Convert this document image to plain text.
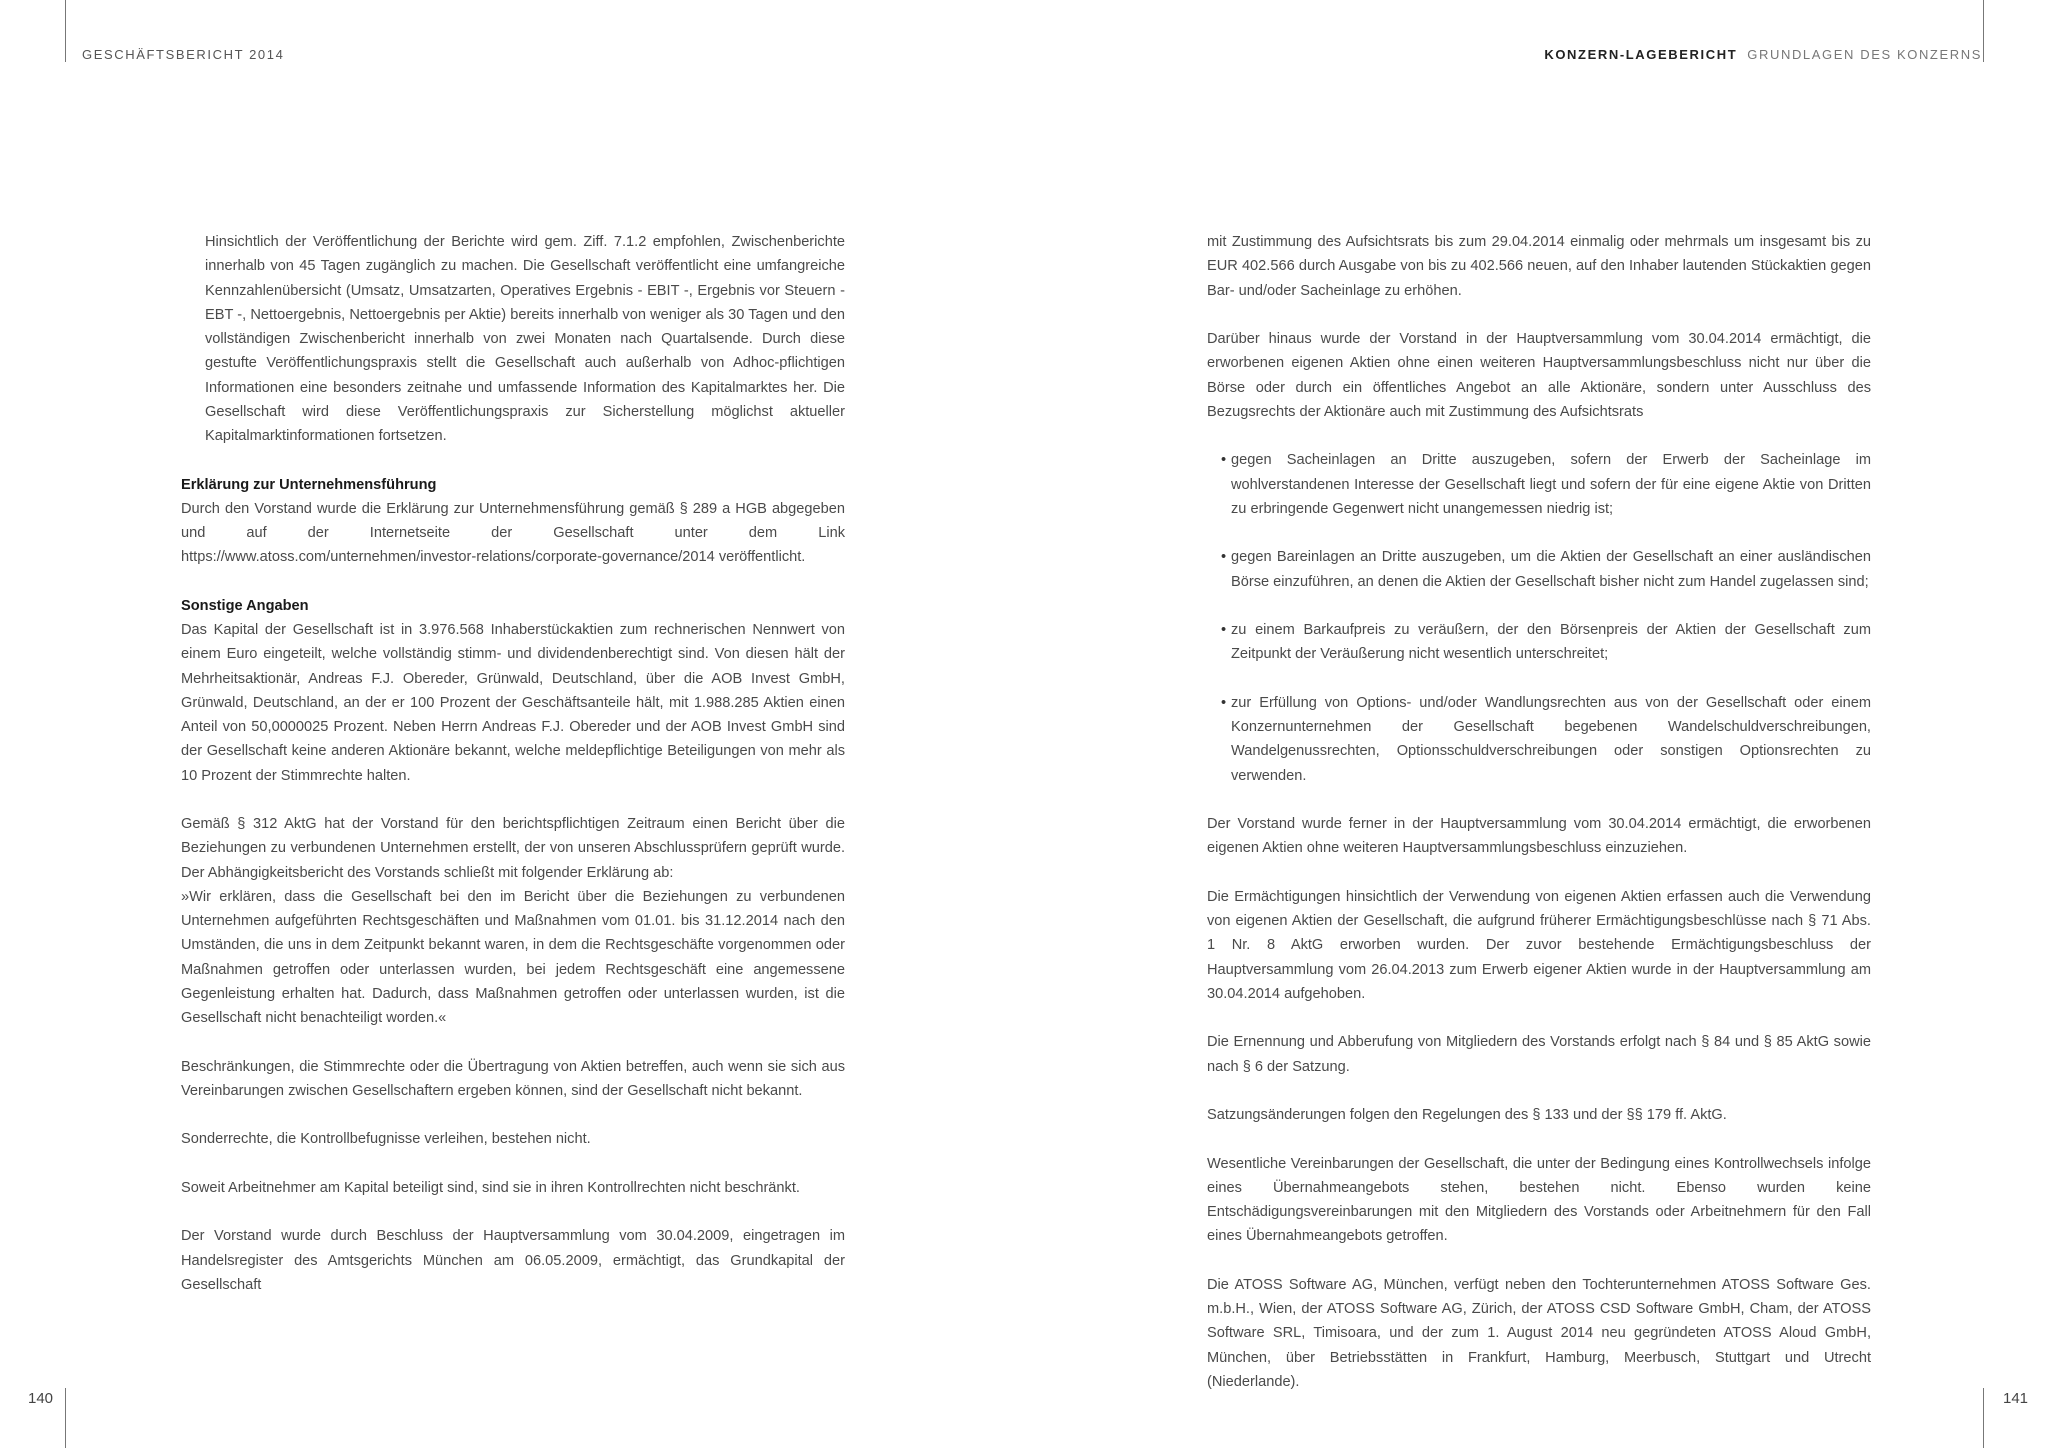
GESCHÄFTSBERICHT 2014	KONZERN-LAGEBERICHT GRUNDLAGEN DES KONZERNS
140	141

Hinsichtlich der Veröffentlichung der Berichte wird gem. Ziff. 7.1.2 empfohlen, Zwischenberichte innerhalb von 45 Tagen zugänglich zu machen. Die Gesellschaft veröffentlicht eine umfangreiche Kennzahlenübersicht (Umsatz, Umsatzarten, Operatives Ergebnis - EBIT -, Ergebnis vor Steuern - EBT -, Nettoergebnis, Nettoergebnis per Aktie) bereits innerhalb von weniger als 30 Tagen und den vollständigen Zwischenbericht innerhalb von zwei Monaten nach Quartalsende. Durch diese gestufte Veröffentlichungspraxis stellt die Gesellschaft auch außerhalb von Adhoc-pflichtigen Informationen eine besonders zeitnahe und umfassende Information des Kapitalmarktes her. Die Gesellschaft wird diese Veröffentlichungspraxis zur Sicherstellung möglichst aktueller Kapitalmarktinformationen fortsetzen.

Erklärung zur Unternehmensführung

Durch den Vorstand wurde die Erklärung zur Unternehmensführung gemäß § 289 a HGB abgegeben und auf der Internetseite der Gesellschaft unter dem Link https://www.atoss.com/unternehmen/investor-relations/corporate-governance/2014 veröffentlicht.

Sonstige Angaben

Das Kapital der Gesellschaft ist in 3.976.568 Inhaberstückaktien zum rechnerischen Nennwert von einem Euro eingeteilt, welche vollständig stimm- und dividendenberechtigt sind. Von diesen hält der Mehrheitsaktionär, Andreas F.J. Obereder, Grünwald, Deutschland, über die AOB Invest GmbH, Grünwald, Deutschland, an der er 100 Prozent der Geschäftsanteile hält, mit 1.988.285 Aktien einen Anteil von 50,0000025 Prozent. Neben Herrn Andreas F.J. Obereder und der AOB Invest GmbH sind der Gesellschaft keine anderen Aktionäre bekannt, welche meldepflichtige Beteiligungen von mehr als 10 Prozent der Stimmrechte halten.

Gemäß § 312 AktG hat der Vorstand für den berichtspflichtigen Zeitraum einen Bericht über die Beziehungen zu verbundenen Unternehmen erstellt, der von unseren Abschlussprüfern geprüft wurde. Der Abhängigkeitsbericht des Vorstands schließt mit folgender Erklärung ab:

»Wir erklären, dass die Gesellschaft bei den im Bericht über die Beziehungen zu verbundenen Unternehmen aufgeführten Rechtsgeschäften und Maßnahmen vom 01.01. bis 31.12.2014 nach den Umständen, die uns in dem Zeitpunkt bekannt waren, in dem die Rechtsgeschäfte vorgenommen oder Maßnahmen getroffen oder unterlassen wurden, bei jedem Rechtsgeschäft eine angemessene Gegenleistung erhalten hat. Dadurch, dass Maßnahmen getroffen oder unterlassen wurden, ist die Gesellschaft nicht benachteiligt worden.«

Beschränkungen, die Stimmrechte oder die Übertragung von Aktien betreffen, auch wenn sie sich aus Vereinbarungen zwischen Gesellschaftern ergeben können, sind der Gesellschaft nicht bekannt.

Sonderrechte, die Kontrollbefugnisse verleihen, bestehen nicht.

Soweit Arbeitnehmer am Kapital beteiligt sind, sind sie in ihren Kontrollrechten nicht beschränkt.

Der Vorstand wurde durch Beschluss der Hauptversammlung vom 30.04.2009, eingetragen im Handelsregister des Amtsgerichts München am 06.05.2009, ermächtigt, das Grundkapital der Gesellschaft

mit Zustimmung des Aufsichtsrats bis zum 29.04.2014 einmalig oder mehrmals um insgesamt bis zu EUR 402.566 durch Ausgabe von bis zu 402.566 neuen, auf den Inhaber lautenden Stückaktien gegen Bar- und/oder Sacheinlage zu erhöhen.

Darüber hinaus wurde der Vorstand in der Hauptversammlung vom 30.04.2014 ermächtigt, die erworbenen eigenen Aktien ohne einen weiteren Hauptversammlungsbeschluss nicht nur über die Börse oder durch ein öffentliches Angebot an alle Aktionäre, sondern unter Ausschluss des Bezugsrechts der Aktionäre auch mit Zustimmung des Aufsichtsrats

• gegen Sacheinlagen an Dritte auszugeben, sofern der Erwerb der Sacheinlage im wohlverstandenen Interesse der Gesellschaft liegt und sofern der für eine eigene Aktie von Dritten zu erbringende Gegenwert nicht unangemessen niedrig ist;
• gegen Bareinlagen an Dritte auszugeben, um die Aktien der Gesellschaft an einer ausländischen Börse einzuführen, an denen die Aktien der Gesellschaft bisher nicht zum Handel zugelassen sind;
• zu einem Barkaufpreis zu veräußern, der den Börsenpreis der Aktien der Gesellschaft zum Zeitpunkt der Veräußerung nicht wesentlich unterschreitet;
• zur Erfüllung von Options- und/oder Wandlungsrechten aus von der Gesellschaft oder einem Konzernunternehmen der Gesellschaft begebenen Wandelschuldverschreibungen, Wandelgenussrechten, Optionsschuldverschreibungen oder sonstigen Optionsrechten zu verwenden.

Der Vorstand wurde ferner in der Hauptversammlung vom 30.04.2014 ermächtigt, die erworbenen eigenen Aktien ohne weiteren Hauptversammlungsbeschluss einzuziehen.

Die Ermächtigungen hinsichtlich der Verwendung von eigenen Aktien erfassen auch die Verwendung von eigenen Aktien der Gesellschaft, die aufgrund früherer Ermächtigungsbeschlüsse nach § 71 Abs. 1 Nr. 8 AktG erworben wurden. Der zuvor bestehende Ermächtigungsbeschluss der Hauptversammlung vom 26.04.2013 zum Erwerb eigener Aktien wurde in der Hauptversammlung am 30.04.2014 aufgehoben.

Die Ernennung und Abberufung von Mitgliedern des Vorstands erfolgt nach § 84 und § 85 AktG sowie nach § 6 der Satzung.

Satzungsänderungen folgen den Regelungen des § 133 und der §§ 179 ff. AktG.

Wesentliche Vereinbarungen der Gesellschaft, die unter der Bedingung eines Kontrollwechsels infolge eines Übernahmeangebots stehen, bestehen nicht. Ebenso wurden keine Entschädigungsvereinbarungen mit den Mitgliedern des Vorstands oder Arbeitnehmern für den Fall eines Übernahmeangebots getroffen.

Die ATOSS Software AG, München, verfügt neben den Tochterunternehmen ATOSS Software Ges. m.b.H., Wien, der ATOSS Software AG, Zürich, der ATOSS CSD Software GmbH, Cham, der ATOSS Software SRL, Timisoara, und der zum 1. August 2014 neu gegründeten ATOSS Aloud GmbH, München, über Betriebsstätten in Frankfurt, Hamburg, Meerbusch, Stuttgart und Utrecht (Niederlande).
